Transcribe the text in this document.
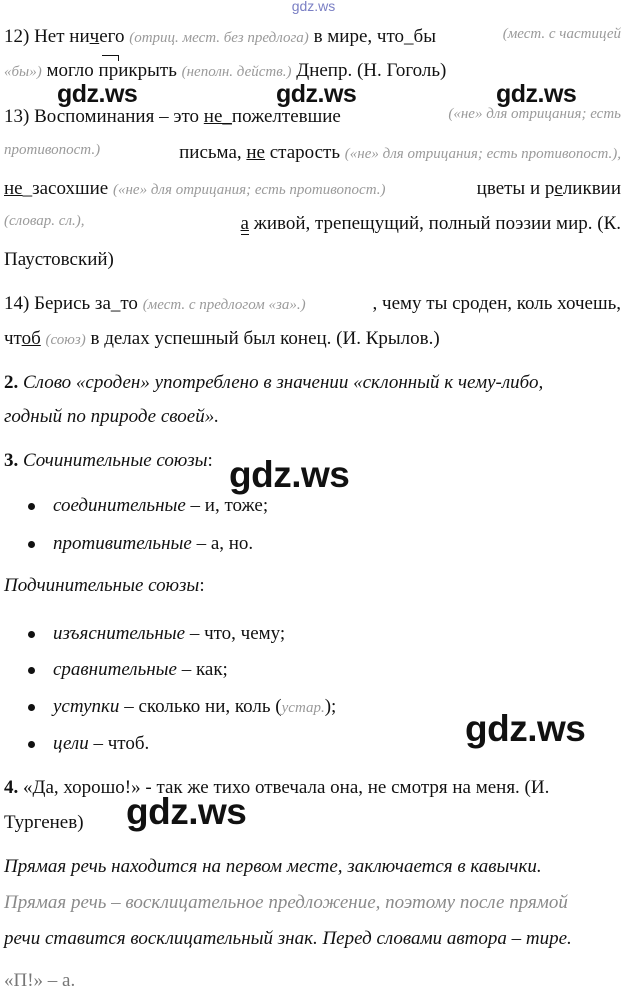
gdz.ws
12) Нет ничего (отриц. мест. без предлога) в мире, что_бы	(мест. с частицей
«бы») могло прикрыть (неполн. действ.) Днепр. (Н. Гоголь)
13) Воспоминания – это не_пожелтевшие	(«не» для отрицания; есть
противопост.)	письма, не старость («не» для отрицания; есть противопост.),
не_засохшие («не» для отрицания; есть противопост.)	цветы и реликвии
(словар. сл.),	а живой, трепещущий, полный поэзии мир. (К.
Паустовский)
14) Берись за_то (мест. с предлогом «за».)	, чему ты сроден, коль хочешь,
чтоб (союз) в делах успешный был конец. (И. Крылов.)
2. Слово «сроден» употреблено в значении «склонный к чему-либо,
годный по природе своей».
3. Сочинительные союзы:
соединительные – и, тоже;
противительные – а, но.
Подчинительные союзы:
изъяснительные – что, чему;
сравнительные – как;
уступки – сколько ни, коль (устар.);
цели – чтоб.
4. «Да, хорошо!» - так же тихо отвечала она, не смотря на меня. (И.
Тургенев)
Прямая речь находится на первом месте, заключается в кавычки.
Прямая речь – восклицательное предложение, поэтому после прямой
речи ставится восклицательный знак. Перед словами автора – тире.
«П!» – а.
gdz.ws	gdz.ws	gdz.ws
gdz.ws
gdz.ws
gdz.ws
